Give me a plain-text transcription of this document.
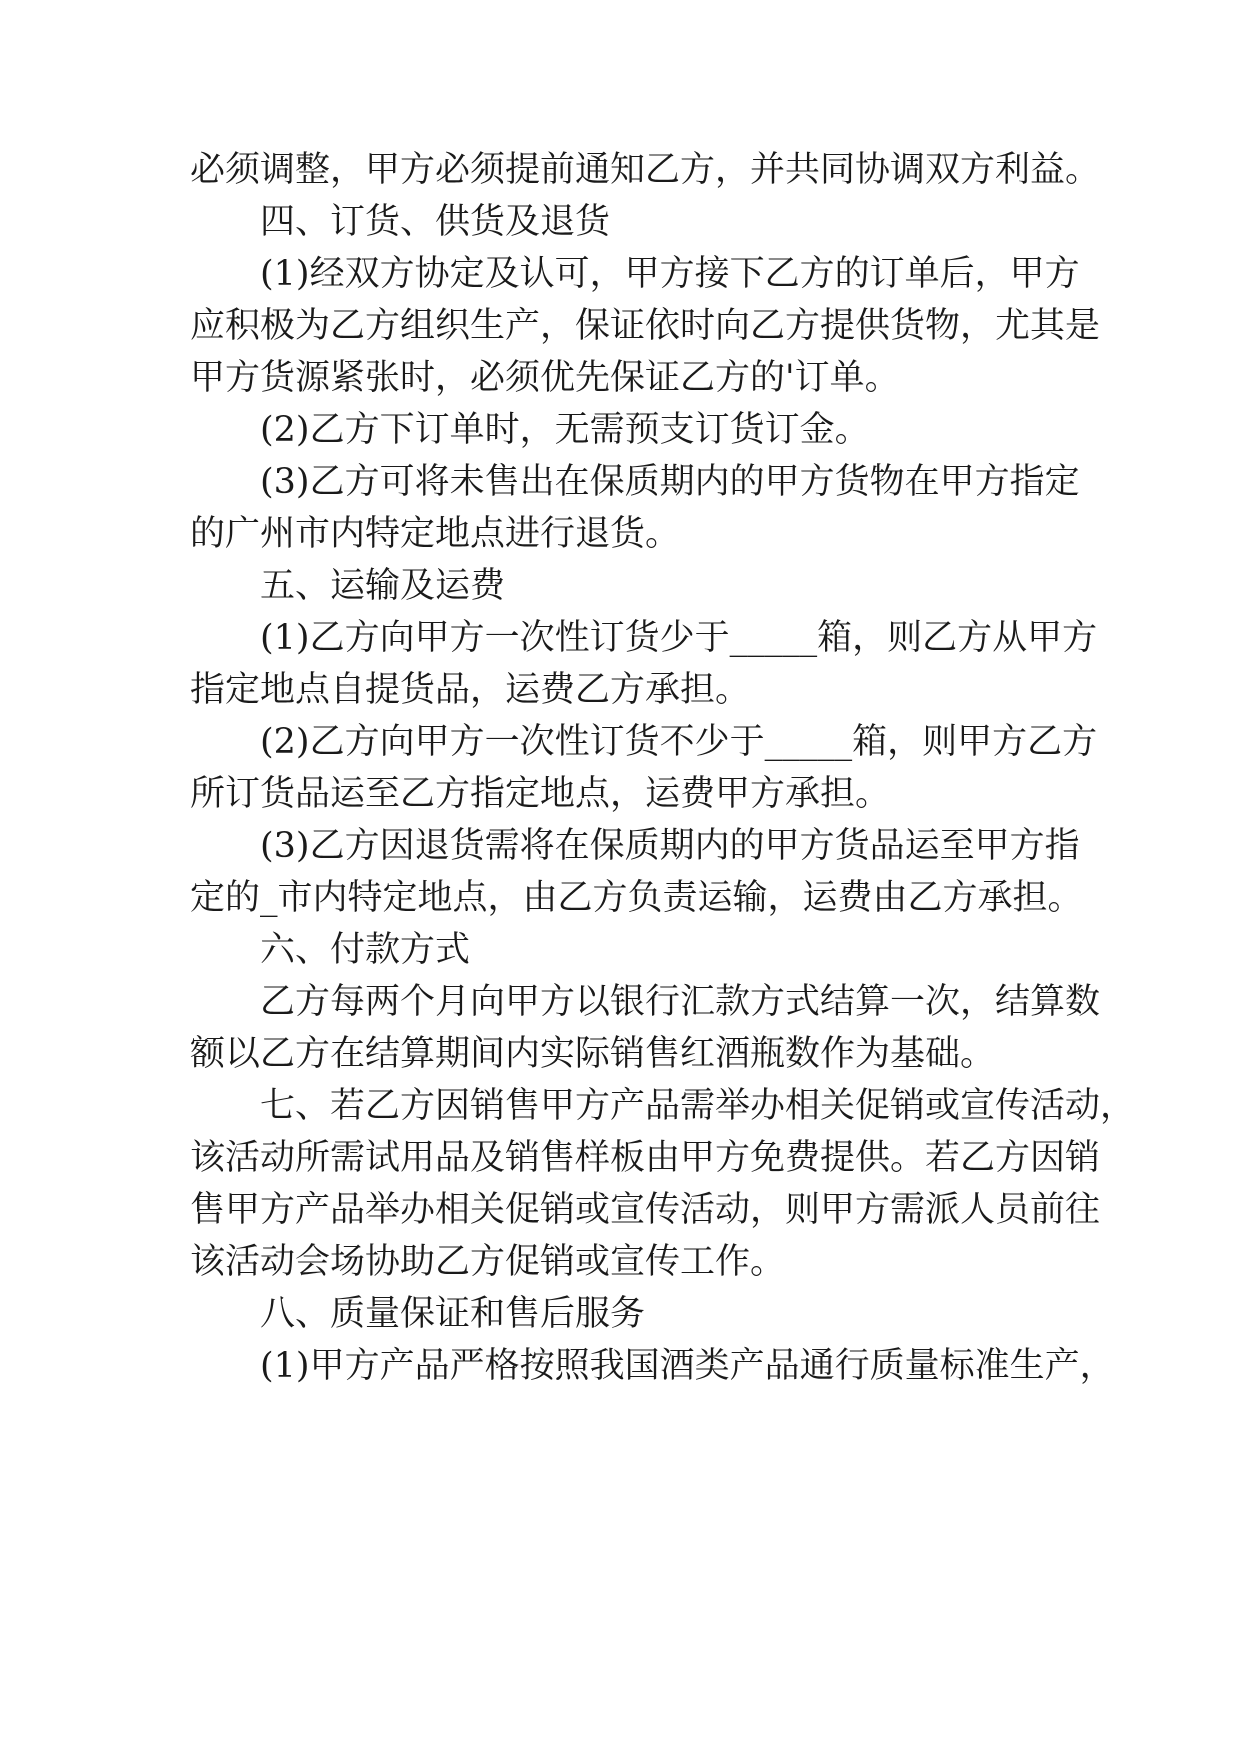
必须调整，甲方必须提前通知乙方，并共同协调双方利益。
四、订货、供货及退货
(1)经双方协定及认可，甲方接下乙方的订单后，甲方
应积极为乙方组织生产，保证依时向乙方提供货物，尤其是
甲方货源紧张时，必须优先保证乙方的'订单。
(2)乙方下订单时，无需预支订货订金。
(3)乙方可将未售出在保质期内的甲方货物在甲方指定
的广州市内特定地点进行退货。
五、运输及运费
(1)乙方向甲方一次性订货少于_____箱，则乙方从甲方
指定地点自提货品，运费乙方承担。
(2)乙方向甲方一次性订货不少于_____箱，则甲方乙方
所订货品运至乙方指定地点，运费甲方承担。
(3)乙方因退货需将在保质期内的甲方货品运至甲方指
定的_市内特定地点，由乙方负责运输，运费由乙方承担。
六、付款方式
乙方每两个月向甲方以银行汇款方式结算一次，结算数
额以乙方在结算期间内实际销售红酒瓶数作为基础。
七、若乙方因销售甲方产品需举办相关促销或宣传活动，
该活动所需试用品及销售样板由甲方免费提供。若乙方因销
售甲方产品举办相关促销或宣传活动，则甲方需派人员前往
该活动会场协助乙方促销或宣传工作。
八、质量保证和售后服务
(1)甲方产品严格按照我国酒类产品通行质量标准生产，
